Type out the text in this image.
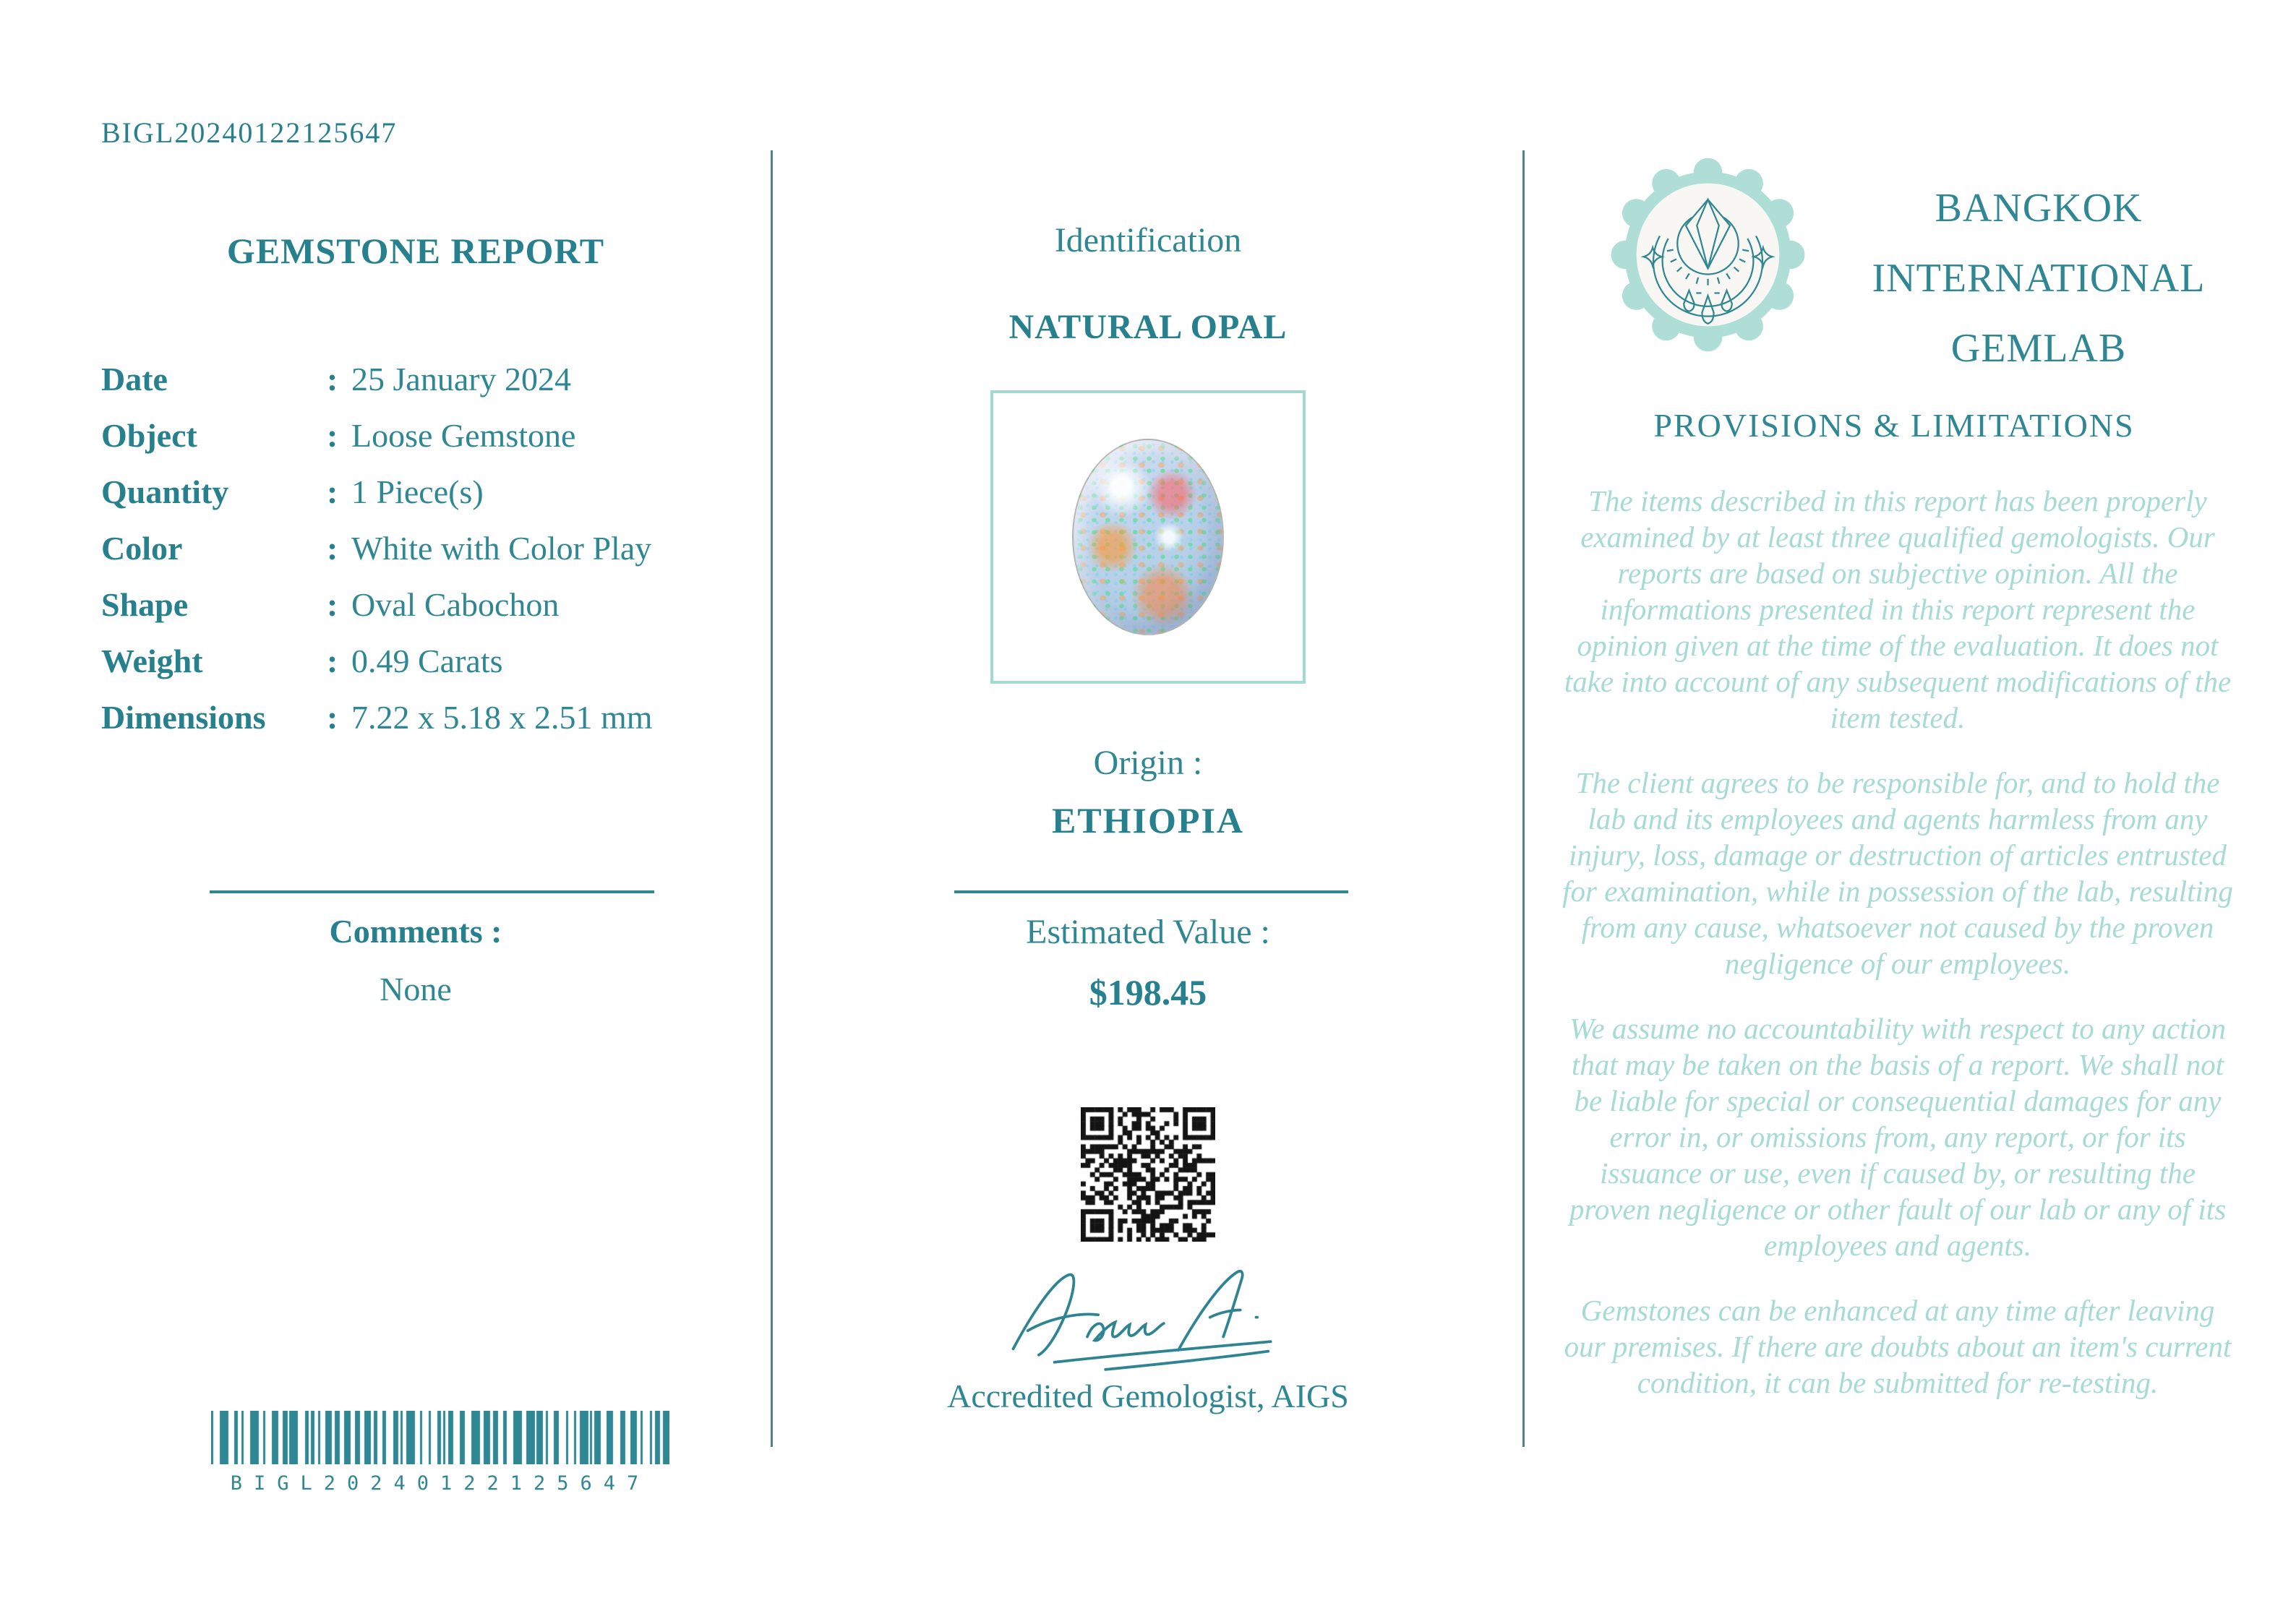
BIGL20240122125647
GEMSTONE REPORT
Date	: 25 January 2024
Object	: Loose Gemstone
Quantity	: 1 Piece(s)
Color	: White with Color Play
Shape	: Oval Cabochon
Weight	: 0.49 Carats
Dimensions	: 7.22 x 5.18 x 2.51 mm
Comments :
None
BIGL20240122125647
Identification
NATURAL OPAL
Origin :
ETHIOPIA
Estimated Value :
$198.45
Accredited Gemologist, AIGS
BANGKOK
INTERNATIONAL
GEMLAB
PROVISIONS & LIMITATIONS

The items described in this report has been properly examined by at least three qualified gemologists. Our reports are based on subjective opinion. All the informations presented in this report represent the opinion given at the time of the evaluation. It does not take into account of any subsequent modifications of the item tested.

The client agrees to be responsible for, and to hold the lab and its employees and agents harmless from any injury, loss, damage or destruction of articles entrusted for examination, while in possession of the lab, resulting from any cause, whatsoever not caused by the proven negligence of our employees.

We assume no accountability with respect to any action that may be taken on the basis of a report. We shall not be liable for special or consequential damages for any error in, or omissions from, any report, or for its issuance or use, even if caused by, or resulting the proven negligence or other fault of our lab or any of its employees and agents.

Gemstones can be enhanced at any time after leaving our premises. If there are doubts about an item's current condition, it can be submitted for re-testing.
